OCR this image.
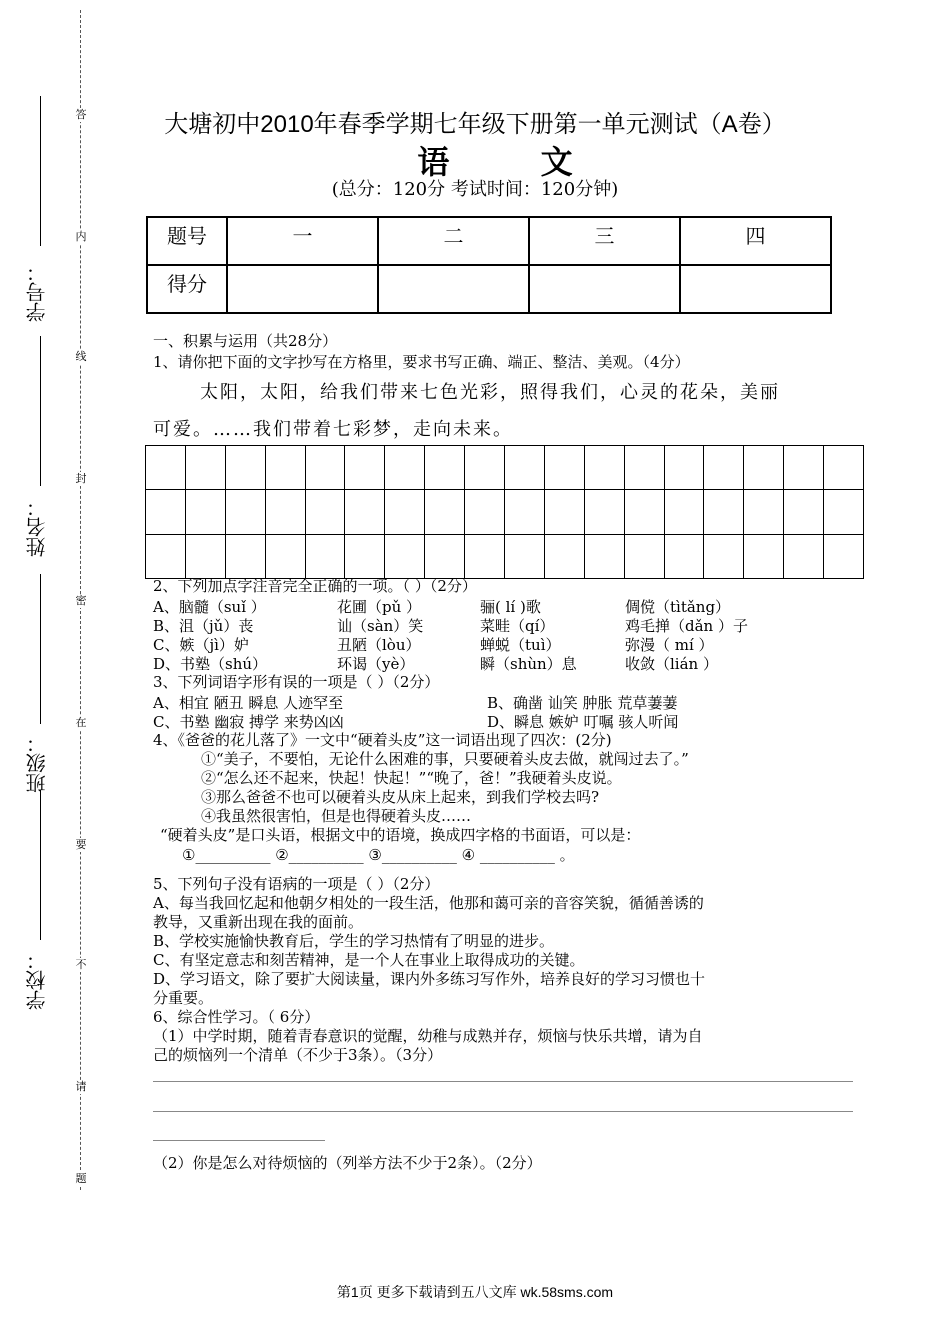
答
内
线
封
密
在
要
不
请
题
学号：
姓名：
班级：
学校：
大塘初中2010年春季学期七年级下册第一单元测试（A卷）
语 文
(总分：120分 考试时间：120分钟)
题号	一	二	三	四
得分				
一、积累与运用（共28分）
1、请你把下面的文字抄写在方格里，要求书写正确、端正、整洁、美观。（4分）
太阳，太阳，给我们带来七色光彩，照得我们，心灵的花朵，美丽
可爱。……我们带着七彩梦，走向未来。
2、下列加点字注音完全正确的一项。（ ）（2分）
A、脑髓（suǐ ）	花圃（pǔ ）	骊( lí )歌	倜傥（tìtǎng）
B、沮（jǔ）丧	讪（sàn）笑	菜畦（qí）	鸡毛掸（dǎn ）子
C、嫉（jì）妒	丑陋（lòu）	蝉蜕（tuì）	弥漫（ mí ）
D、书塾（shú）	环谒（yè）	瞬（shùn）息	收敛（lián ）
3、下列词语字形有误的一项是（ ）（2分）
A、相宜 陋丑 瞬息 人迹罕至	B、确凿 讪笑 肿胀 荒草萋萋
C、书塾 幽寂 搏学 来势凶凶	D、瞬息 嫉妒 叮嘱 骇人听闻
4、《爸爸的花儿落了》一文中“硬着头皮”这一词语出现了四次：(2分)
①“美子，不要怕，无论什么困难的事，只要硬着头皮去做，就闯过去了。”
②“怎么还不起来，快起！快起！”“晚了，爸！”我硬着头皮说。
③那么爸爸不也可以硬着头皮从床上起来，到我们学校去吗?
④我虽然很害怕，但是也得硬着头皮……
“硬着头皮”是口头语，根据文中的语境，换成四字格的书面语，可以是：
①__________ ②__________ ③__________ ④ __________ 。
5、下列句子没有语病的一项是（ ）（2分）
A、每当我回忆起和他朝夕相处的一段生活，他那和蔼可亲的音容笑貌，循循善诱的
教导，又重新出现在我的面前。
B、学校实施愉快教育后，学生的学习热情有了明显的进步。
C、有坚定意志和刻苦精神，是一个人在事业上取得成功的关键。
D、学习语文，除了要扩大阅读量，课内外多练习写作外，培养良好的学习习惯也十
分重要。
6、综合性学习。（ 6分）
（1）中学时期，随着青春意识的觉醒，幼稚与成熟并存，烦恼与快乐共增，请为自
己的烦恼列一个清单（不少于3条）。（3分）
（2）你是怎么对待烦恼的（列举方法不少于2条）。（2分）
第1页 更多下载请到五八文库 wk.58sms.com
